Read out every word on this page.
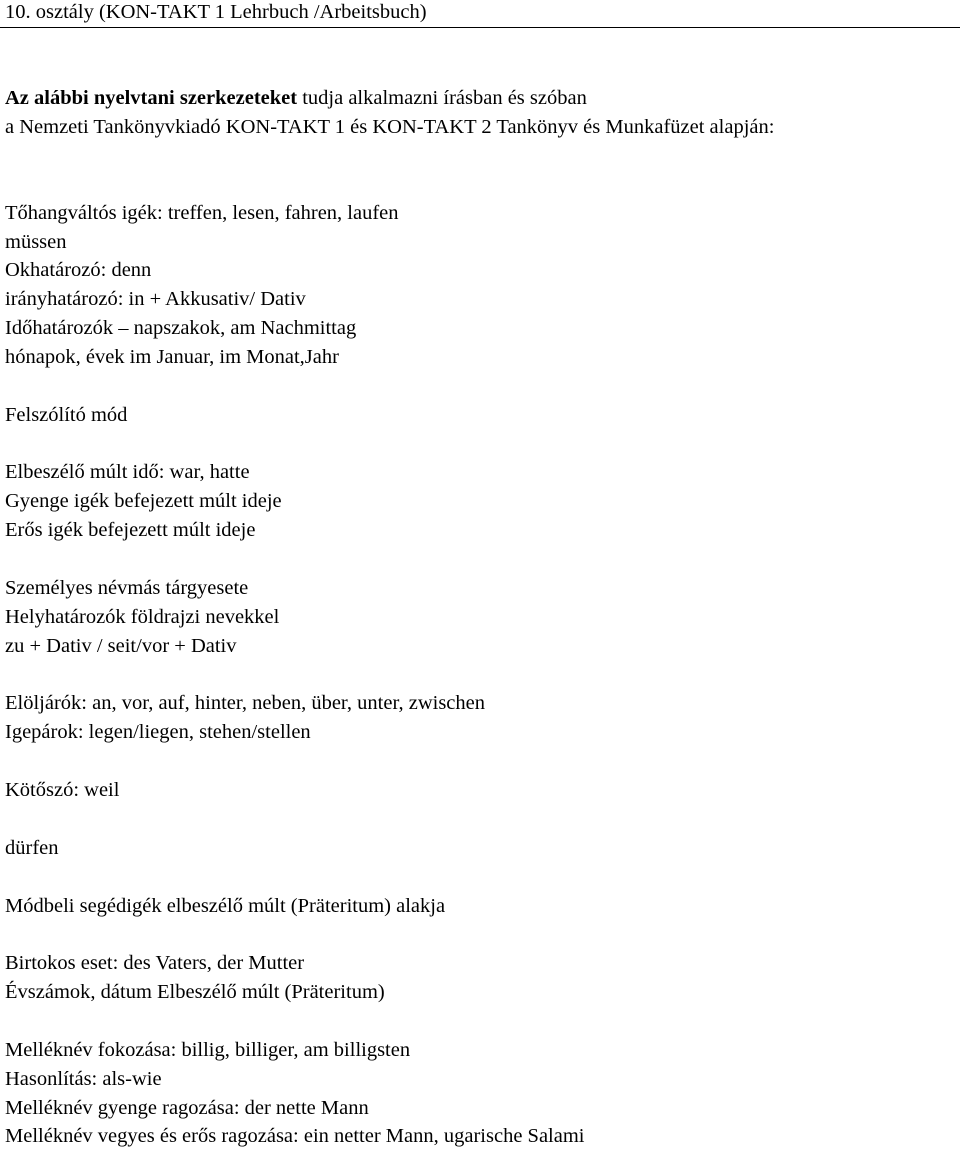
10. osztály (KON-TAKT 1 Lehrbuch /Arbeitsbuch)

Az alábbi nyelvtani szerkezeteket tudja alkalmazni írásban és szóban

a Nemzeti Tankönyvkiadó KON-TAKT 1 és KON-TAKT 2 Tankönyv és Munkafüzet alapján:

Tőhangváltós igék: treffen, lesen, fahren, laufen

müssen

Okhatározó: denn

irányhatározó: in + Akkusativ/ Dativ

Időhatározók – napszakok, am Nachmittag

hónapok, évek im Januar, im Monat,Jahr

Felszólító mód

Elbeszélő múlt idő: war, hatte

Gyenge igék befejezett múlt ideje

Erős igék befejezett múlt ideje

Személyes névmás tárgyesete

Helyhatározók földrajzi nevekkel

zu + Dativ / seit/vor + Dativ

Elöljárók: an, vor, auf, hinter, neben, über, unter, zwischen

Igepárok: legen/liegen, stehen/stellen

Kötőszó: weil

dürfen

Módbeli segédigék elbeszélő múlt (Präteritum) alakja

Birtokos eset: des Vaters, der Mutter

Évszámok, dátum Elbeszélő múlt (Präteritum)

Melléknév fokozása: billig, billiger, am billigsten

Hasonlítás: als-wie

Melléknév gyenge ragozása: der nette Mann

Melléknév vegyes és erős ragozása: ein netter Mann, ugarische Salami
